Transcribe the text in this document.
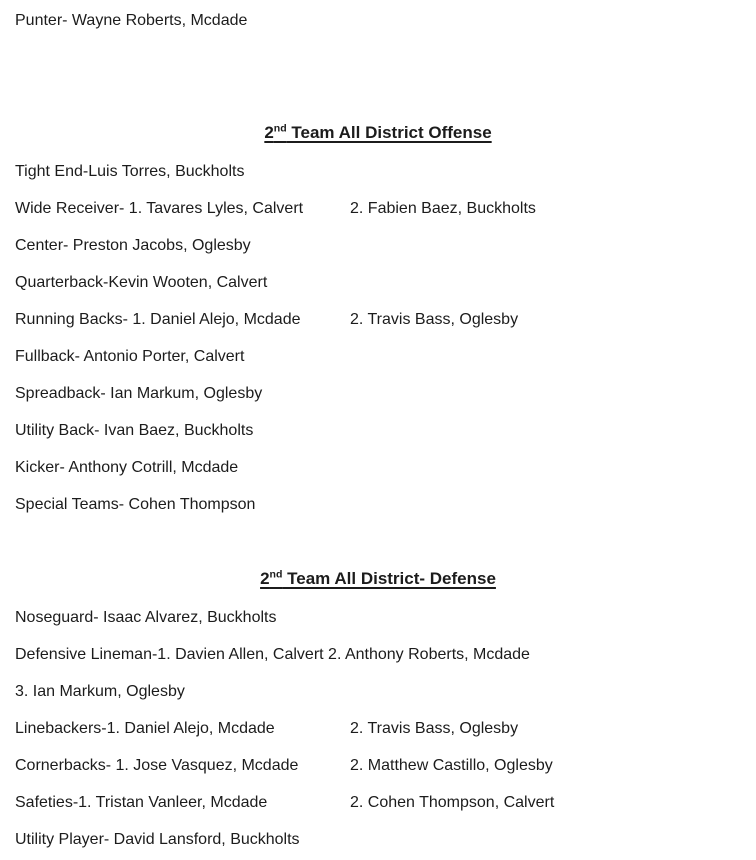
Punter- Wayne Roberts, Mcdade

2nd Team All District Offense
Tight End-Luis Torres, Buckholts
Wide Receiver- 1. Tavares Lyles, Calvert	2. Fabien Baez, Buckholts
Center- Preston Jacobs, Oglesby
Quarterback-Kevin Wooten, Calvert
Running Backs- 1. Daniel Alejo, Mcdade	2. Travis Bass, Oglesby
Fullback- Antonio Porter, Calvert
Spreadback- Ian Markum, Oglesby
Utility Back- Ivan Baez, Buckholts
Kicker- Anthony Cotrill, Mcdade
Special Teams- Cohen Thompson
2nd Team All District- Defense
Noseguard- Isaac Alvarez, Buckholts
Defensive Lineman-1. Davien Allen, Calvert 2. Anthony Roberts, Mcdade
3. Ian Markum, Oglesby
Linebackers-1. Daniel Alejo, Mcdade	2. Travis Bass, Oglesby
Cornerbacks- 1. Jose Vasquez, Mcdade	2. Matthew Castillo, Oglesby
Safeties-1. Tristan Vanleer, Mcdade	2. Cohen Thompson, Calvert
Utility Player- David Lansford, Buckholts
